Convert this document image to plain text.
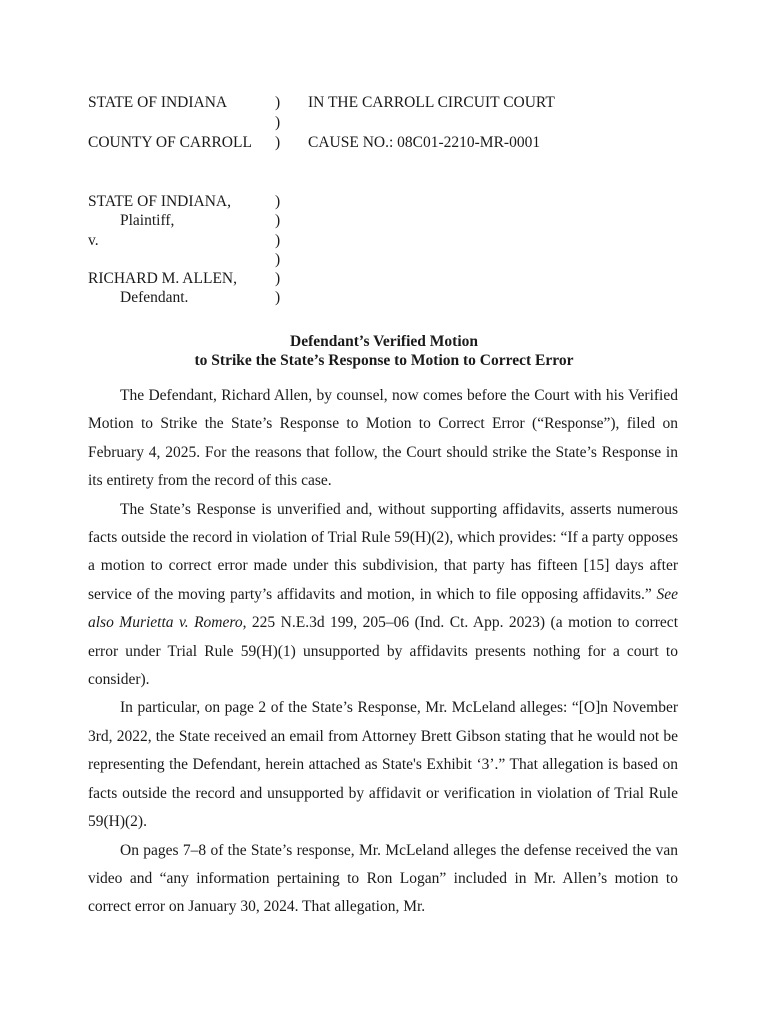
STATE OF INDIANA	) IN THE CARROLL CIRCUIT COURT
)
COUNTY OF CARROLL ) CAUSE NO.: 08C01-2210-MR-0001
STATE OF INDIANA,	)
Plaintiff,	)
v.	)
)
RICHARD M. ALLEN, )
Defendant.	)
Defendant’s Verified Motion
to Strike the State’s Response to Motion to Correct Error

The Defendant, Richard Allen, by counsel, now comes before the Court with his Verified Motion to Strike the State’s Response to Motion to Correct Error (“Response”), filed on February 4, 2025. For the reasons that follow, the Court should strike the State’s Response in its entirety from the record of this case.

The State’s Response is unverified and, without supporting affidavits, asserts numerous facts outside the record in violation of Trial Rule 59(H)(2), which provides: “If a party opposes a motion to correct error made under this subdivision, that party has fifteen [15] days after service of the moving party’s affidavits and motion, in which to file opposing affidavits.” See also Murietta v. Romero, 225 N.E.3d 199, 205–06 (Ind. Ct. App. 2023) (a motion to correct error under Trial Rule 59(H)(1) unsupported by affidavits presents nothing for a court to consider).

In particular, on page 2 of the State’s Response, Mr. McLeland alleges: “[O]n November 3rd, 2022, the State received an email from Attorney Brett Gibson stating that he would not be representing the Defendant, herein attached as State's Exhibit ‘3’.” That allegation is based on facts outside the record and unsupported by affidavit or verification in violation of Trial Rule 59(H)(2).

On pages 7–8 of the State’s response, Mr. McLeland alleges the defense received the van video and “any information pertaining to Ron Logan” included in Mr. Allen’s motion to correct error on January 30, 2024. That allegation, Mr.
